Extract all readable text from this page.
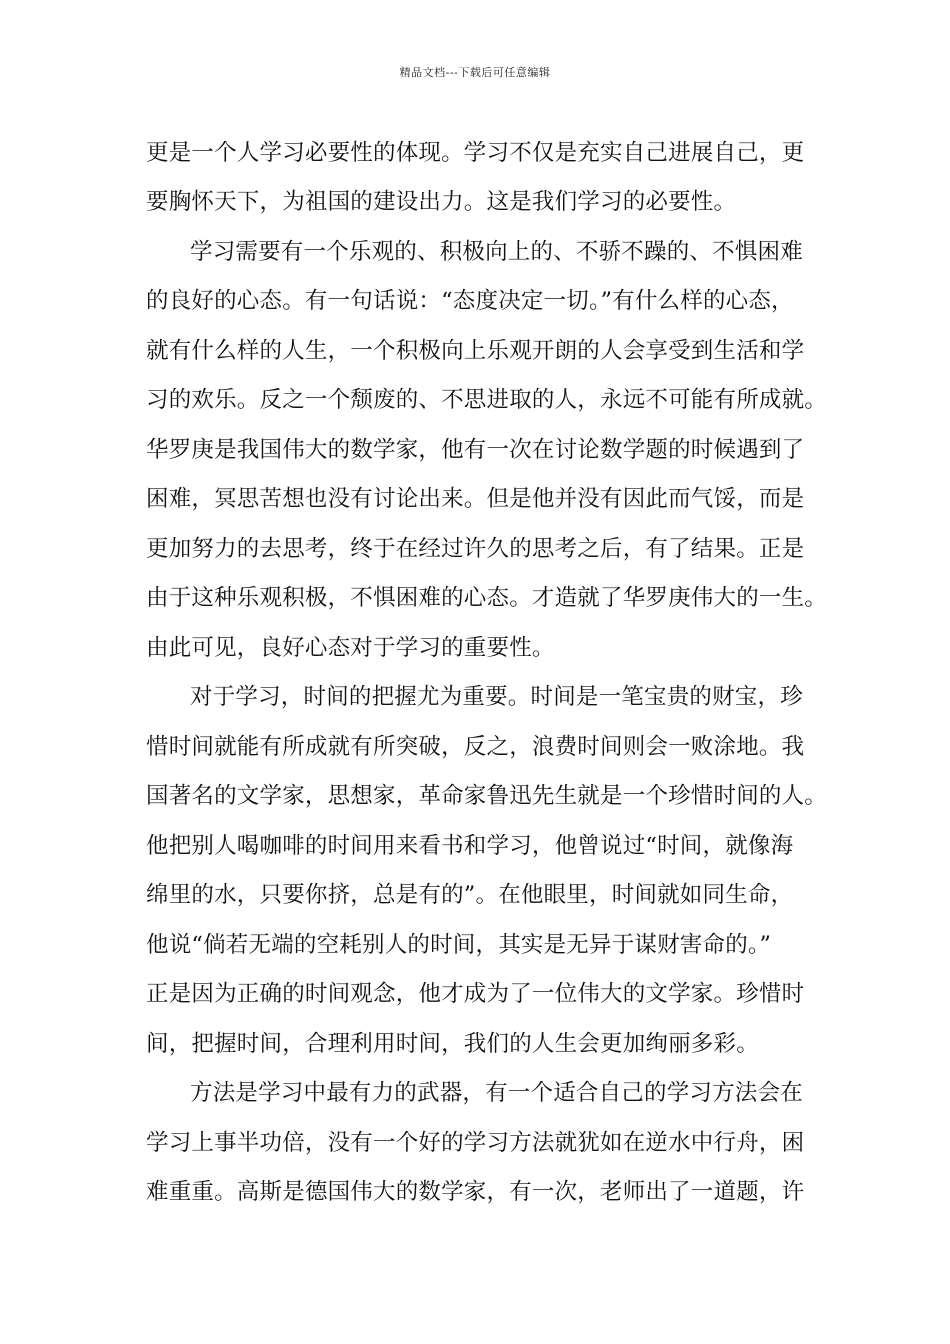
精品文档---下载后可任意编辑
更是一个人学习必要性的体现。学习不仅是充实自己进展自己，更
要胸怀天下，为祖国的建设出力。这是我们学习的必要性。
学习需要有一个乐观的、积极向上的、不骄不躁的、不惧困难
的良好的心态。有一句话说：“态度决定一切。”有什么样的心态，
就有什么样的人生，一个积极向上乐观开朗的人会享受到生活和学
习的欢乐。反之一个颓废的、不思进取的人，永远不可能有所成就。
华罗庚是我国伟大的数学家，他有一次在讨论数学题的时候遇到了
困难，冥思苦想也没有讨论出来。但是他并没有因此而气馁，而是
更加努力的去思考，终于在经过许久的思考之后，有了结果。正是
由于这种乐观积极，不惧困难的心态。才造就了华罗庚伟大的一生。
由此可见，良好心态对于学习的重要性。
对于学习，时间的把握尤为重要。时间是一笔宝贵的财宝，珍
惜时间就能有所成就有所突破，反之，浪费时间则会一败涂地。我
国著名的文学家，思想家，革命家鲁迅先生就是一个珍惜时间的人。
他把别人喝咖啡的时间用来看书和学习，他曾说过“时间，就像海
绵里的水，只要你挤，总是有的”。在他眼里，时间就如同生命，
他说“倘若无端的空耗别人的时间，其实是无异于谋财害命的。”
正是因为正确的时间观念，他才成为了一位伟大的文学家。珍惜时
间，把握时间，合理利用时间，我们的人生会更加绚丽多彩。
方法是学习中最有力的武器，有一个适合自己的学习方法会在
学习上事半功倍，没有一个好的学习方法就犹如在逆水中行舟，困
难重重。高斯是德国伟大的数学家，有一次，老师出了一道题，许
